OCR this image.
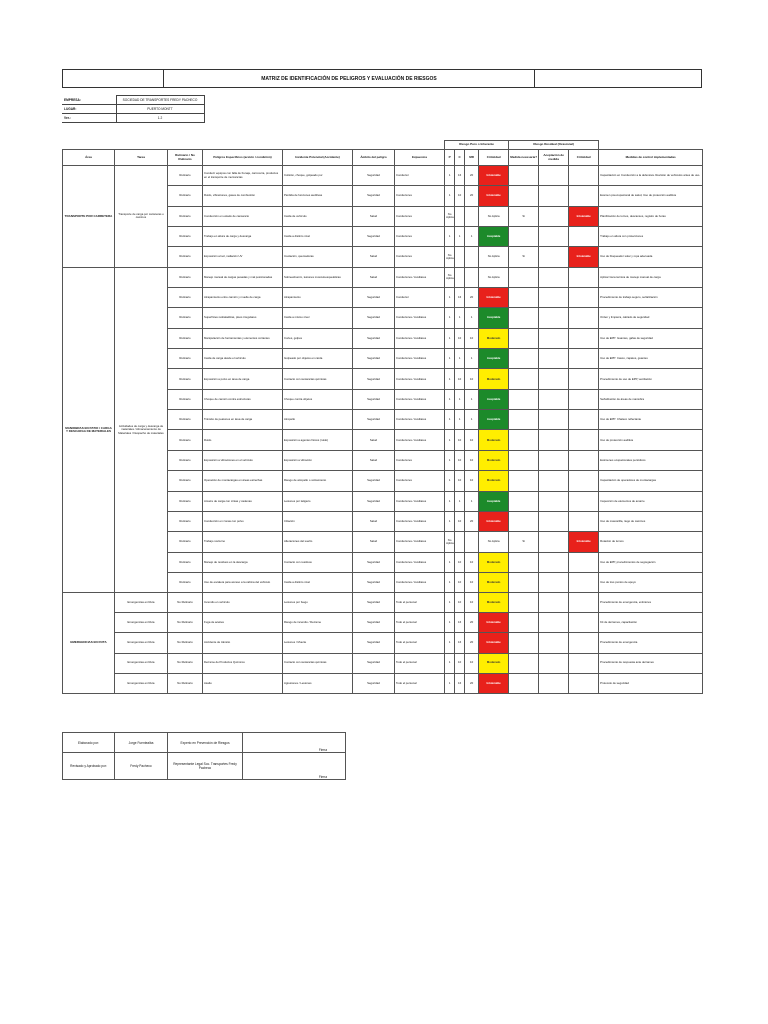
MATRIZ DE IDENTIFICACIÓN DE PELIGROS Y EVALUACIÓN DE RIESGOS
EMPRESA:	SOCIEDAD DE TRANSPORTES FREDY PACHECO
LUGAR:	PUERTO MONTT
Ver.:	1.2
							Riesgo Puro o Inherente				Riesgo Residual (Ocasional)			
Área	Tarea	Rutinario / No Rutinario	Peligros Específicos (acción / condición)	Incidente Potencial (Accidente)	Ámbito del peligro	Expuestos	P	C	MR	Criticidad	Medida necesaria?	Aceptación de medida	Criticidad	Medidas de control implementadas
TRANSPORTE POR CARRETERA	Transporte de carga por carreteras o caminos	Rutinario	Conducir equipos con falla de frenaje, carrocería, productos en el transporte de mercancías	Colisión, choque, golpeado por	Seguridad	Conductor	1	16	20	Intolerable				Capacitación en Conducción a la defensiva. Revisión de vehículos antes de uso.
		Rutinario	Ruido, vibraciones, gases de combustión	Pérdida de funciones auditivas	Seguridad	Conductores	1	10	20	Intolerable				Examen preocupacional de salud, Uso de protección auditiva
		Rutinario	Conducción en estado de cansancio	Caída de vehículo	Salud	Conductores	No Aplica			No Aplica	Sí		Intolerable	Planificación de turnos, descansos, registro de horas
		Rutinario	Trabajo en altura de carga y descarga	Caída a distinto nivel	Seguridad	Conductores	1	1	1	Aceptable				Trabajo en altura con protecciones
		Rutinario	Exposición al sol, radiación UV	Insolación, quemaduras	Salud	Conductores	No Aplica			No Aplica	Sí		Intolerable	Uso de bloqueador solar y ropa adecuada
MANIOBRAS EN PATIO / CARGA Y DESCARGA DE MATERIALES	Actividades de carga y descarga de materiales / Almacenamiento de Materiales / Despacho de materiales	Rutinario	Manejo manual de cargas pesadas y mal posicionadas	Sobreesfuerzo, lesiones musculoesqueléticas	Salud	Conductores / Auxiliares	No Aplica			No Aplica				Aplicar Guía técnica de manejo manual de carga
		Rutinario	Atrapamiento entre camión y muelle de carga	Atrapamiento	Seguridad	Conductor	1	16	20	Intolerable				Procedimiento de trabajo seguro, señalización
		Rutinario	Superficies resbaladizas, pisos irregulares	Caída a mismo nivel	Seguridad	Conductores / Auxiliares	1	1	1	Aceptable				Orden y limpieza, calzado de seguridad
		Rutinario	Manipulación de herramientas y elementos cortantes	Cortes, golpes	Seguridad	Conductores / Auxiliares	1	10	10	Moderado				Uso de EPP: Guantes, gafas de seguridad
		Rutinario	Caída de carga desde el vehículo	Golpeado por objetos en caída	Seguridad	Conductores / Auxiliares	1	1	1	Aceptable				Uso de EPP: Casco, zapatos, guantes
		Rutinario	Exposición a polvo en área de carga	Contacto con sustancias químicas	Seguridad	Conductores / Auxiliares	1	10	10	Moderado				Procedimiento de uso de EPP, ventilación
		Rutinario	Choque de camión contra estructuras	Choque contra objetos	Seguridad	Conductores / Auxiliares	1	1	1	Aceptable				Señalización de áreas de maniobra
		Rutinario	Tránsito de peatones en área de carga	Atropello	Seguridad	Conductores / Auxiliares	1	1	1	Aceptable				Uso de EPP: Chaleco reflectante
		Rutinario	Ruido	Exposición a agentes físicos (ruido)	Salud	Conductores / Auxiliares	1	10	10	Moderado				Uso de protección auditiva
		Rutinario	Exposición a vibraciones en el vehículo	Exposición a vibración	Salud	Conductores	1	10	10	Moderado				Exámenes ocupacionales periódicos
		Rutinario	Operación de montacargas en áreas estrechas	Riesgo de atropello o volcamiento	Seguridad	Conductores	1	10	10	Moderado				Capacitación de operadores de montacargas
		Rutinario	Amarre de carga con cintas y cadenas	Lesiones por latigazo	Seguridad	Conductores / Auxiliares	1	1	1	Aceptable				Inspección de elementos de amarre
		Rutinario	Conducción en zonas con polvo	Irritación	Salud	Conductores / Auxiliares	1	10	20	Intolerable				Uso de mascarilla, riego de caminos
		Rutinario	Trabajo nocturno	Alteraciones del sueño	Salud	Conductores / Auxiliares	No Aplica			No Aplica	Sí		Intolerable	Rotación de turnos
		Rutinario	Manejo de residuos en la descarga	Contacto con residuos	Seguridad	Conductores / Auxiliares	1	10	10	Moderado				Uso de EPP, procedimientos de segregación
		Rutinario	Uso de escalera para acceso a la cabina del vehículo	Caída a distinto nivel	Seguridad	Conductores / Auxiliares	1	10	10	Moderado				Uso de tres puntos de apoyo
EMERGENCIAS EN RUTA	Emergencias en Ruta	No Rutinario	Incendio en vehículo	Lesiones por fuego	Seguridad	Todo el personal	1	10	10	Moderado				Procedimiento de emergencia, extintores
	Emergencias en Ruta	No Rutinario	Fuga de aceites	Riesgo de incendio / Derrame	Seguridad	Todo el personal	1	16	20	Intolerable				Kit de derrames, capacitación
	Emergencias en Ruta	No Rutinario	Accidente de tránsito	Lesiones / Muerte	Seguridad	Todo el personal	1	16	20	Intolerable				Procedimiento de emergencia
	Emergencias en Ruta	No Rutinario	Derrame de Productos Químicos	Contacto con sustancias químicas	Seguridad	Todo el personal	1	10	10	Moderado				Procedimiento de respuesta ante derrames
	Emergencias en Ruta	No Rutinario	Asalto	Agresiones / Lesiones	Seguridad	Todo el personal	1	16	20	Intolerable				Protocolo de seguridad
Elaborado por:	Jorge Fuentealba	Experto en Prevención de Riesgos	Firma
Revisado y Aprobado por:	Fredy Pacheco	Representante Legal Soc. Transportes Fredy Pacheco	Firma
